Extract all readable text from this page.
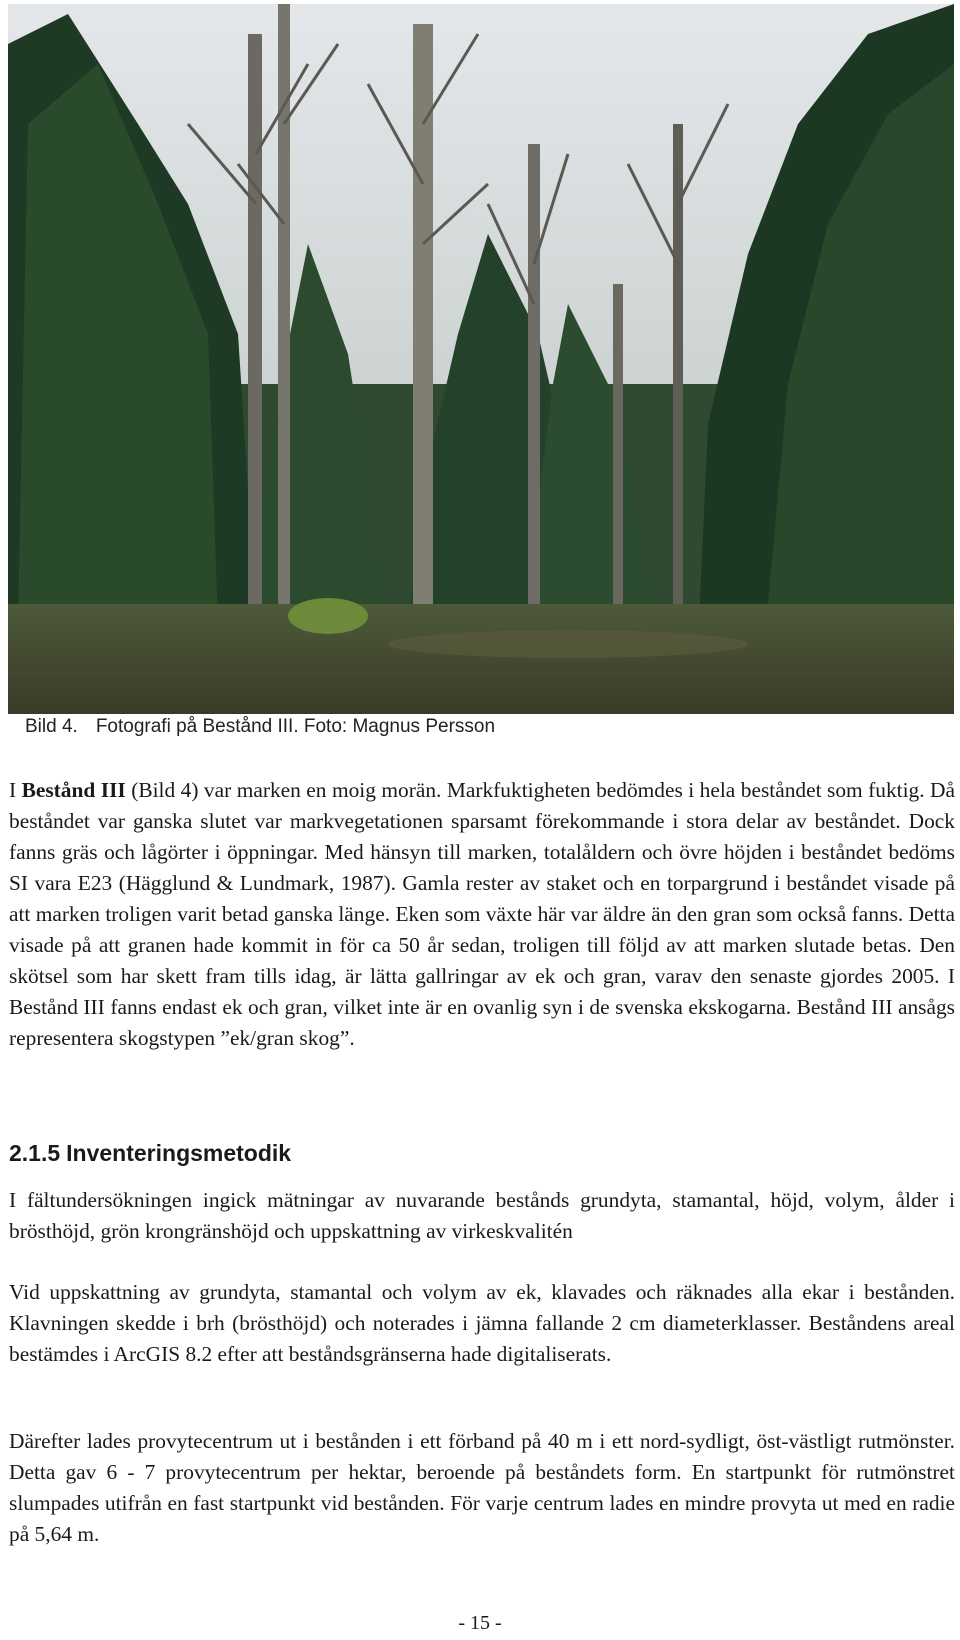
Bild 4. Fotografi på Bestånd III. Foto: Magnus Persson

I Bestånd III (Bild 4) var marken en moig morän. Markfuktigheten bedömdes i hela beståndet som fuktig. Då beståndet var ganska slutet var markvegetationen sparsamt förekommande i stora delar av beståndet. Dock fanns gräs och lågörter i öppningar. Med hänsyn till marken, totalåldern och övre höjden i beståndet bedöms SI vara E23 (Hägglund & Lundmark, 1987). Gamla rester av staket och en torpargrund i beståndet visade på att marken troligen varit betad ganska länge. Eken som växte här var äldre än den gran som också fanns. Detta visade på att granen hade kommit in för ca 50 år sedan, troligen till följd av att marken slutade betas. Den skötsel som har skett fram tills idag, är lätta gallringar av ek och gran, varav den senaste gjordes 2005. I Bestånd III fanns endast ek och gran, vilket inte är en ovanlig syn i de svenska ekskogarna. Bestånd III ansågs representera skogstypen ”ek/gran skog”.

2.1.5 Inventeringsmetodik

I fältundersökningen ingick mätningar av nuvarande bestånds grundyta, stamantal, höjd, volym, ålder i brösthöjd, grön krongränshöjd och uppskattning av virkeskvalitén

Vid uppskattning av grundyta, stamantal och volym av ek, klavades och räknades alla ekar i bestånden. Klavningen skedde i brh (brösthöjd) och noterades i jämna fallande 2 cm diameterklasser. Beståndens areal bestämdes i ArcGIS 8.2 efter att beståndsgränserna hade digitaliserats.

Därefter lades provytecentrum ut i bestånden i ett förband på 40 m i ett nord-sydligt, öst-västligt rutmönster. Detta gav 6 - 7 provytecentrum per hektar, beroende på beståndets form. En startpunkt för rutmönstret slumpades utifrån en fast startpunkt vid bestånden. För varje centrum lades en mindre provyta ut med en radie på 5,64 m.

- 15 -
